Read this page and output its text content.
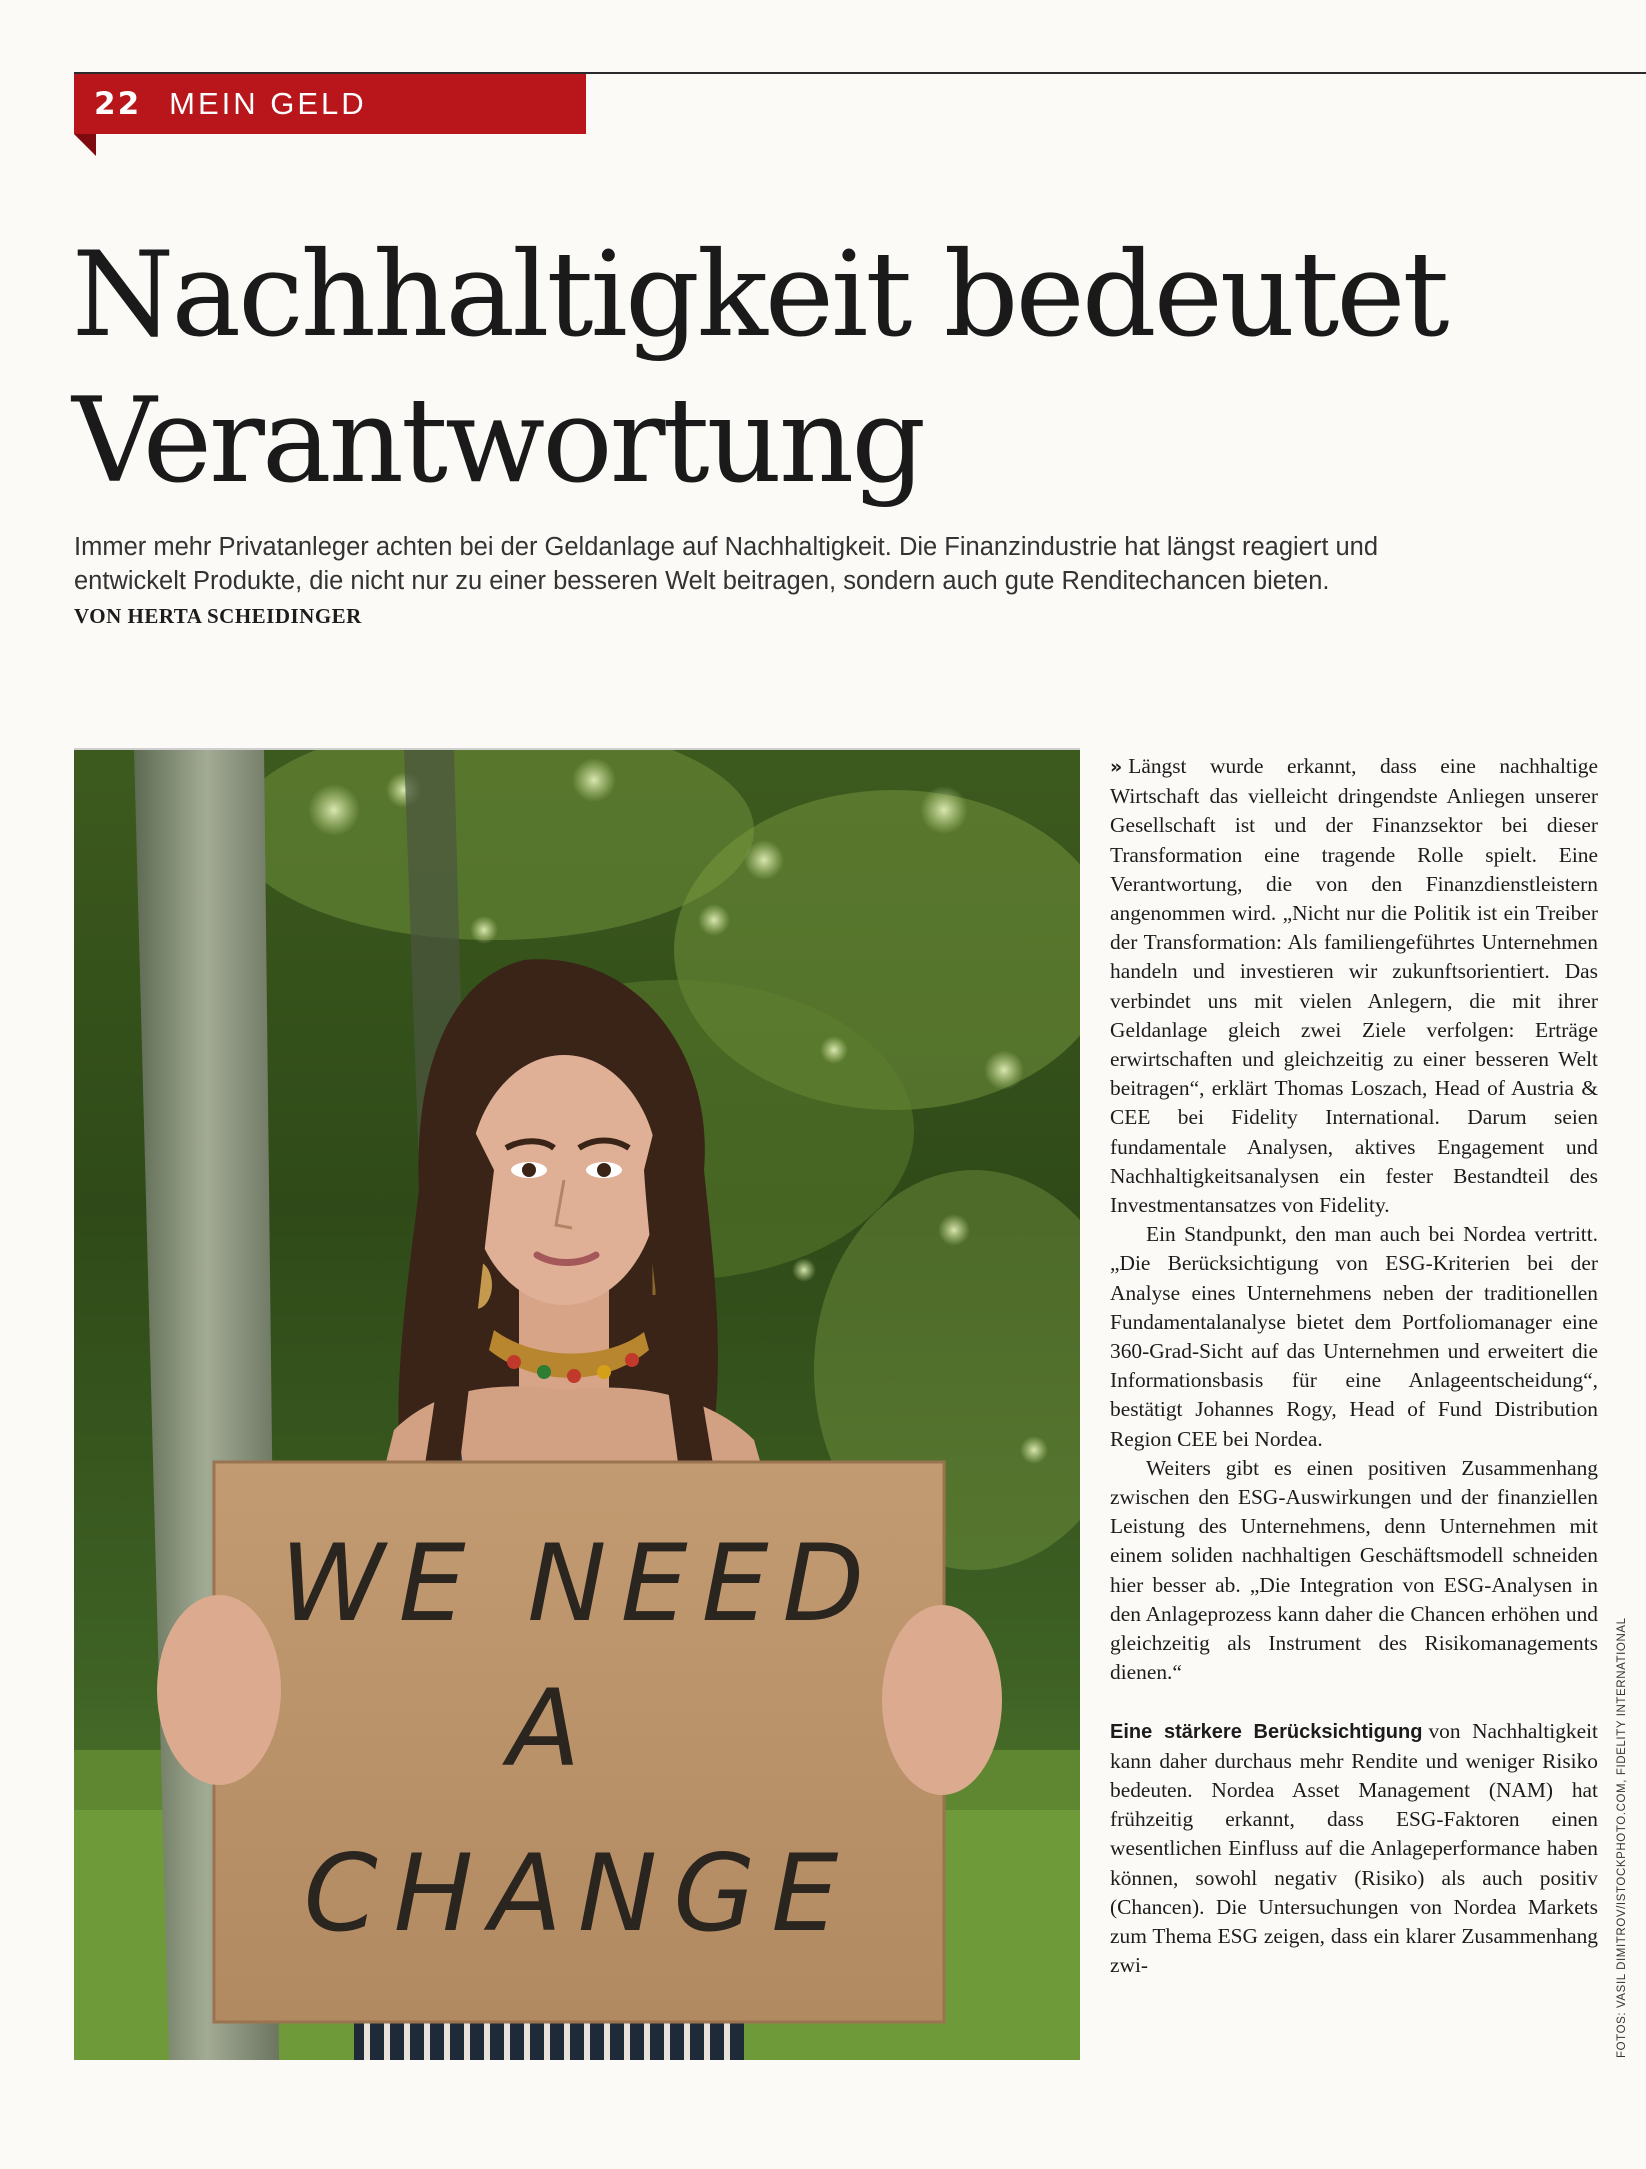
22 MEIN GELD
Nachhaltigkeit bedeutet Verantwortung

Immer mehr Privatanleger achten bei der Geldanlage auf Nachhaltigkeit. Die Finanzindustrie hat längst reagiert und entwickelt Produkte, die nicht nur zu einer besseren Welt beitragen, sondern auch gute Renditechancen bieten.

VON HERTA SCHEIDINGER
WE NEED
A
CHANGE

» Längst wurde erkannt, dass eine nachhaltige Wirtschaft das vielleicht dringendste Anliegen unserer Gesellschaft ist und der Finanzsektor bei dieser Transformation eine tragende Rolle spielt. Eine Verantwortung, die von den Finanzdienstleistern angenommen wird. „Nicht nur die Politik ist ein Treiber der Transformation: Als familiengeführtes Unternehmen handeln und investieren wir zukunftsorientiert. Das verbindet uns mit vielen Anlegern, die mit ihrer Geldanlage gleich zwei Ziele verfolgen: Erträge erwirtschaften und gleichzeitig zu einer besseren Welt beitragen“, erklärt Thomas Loszach, Head of Austria & CEE bei Fidelity International. Darum seien fundamentale Analysen, aktives Engagement und Nachhaltigkeitsanalysen ein fester Bestandteil des Investmentansatzes von Fidelity.

Ein Standpunkt, den man auch bei Nordea vertritt. „Die Berücksichtigung von ESG-Kriterien bei der Analyse eines Unternehmens neben der traditionellen Fundamentalanalyse bietet dem Portfoliomanager eine 360-Grad-Sicht auf das Unternehmen und erweitert die Informationsbasis für eine Anlageentscheidung“, bestätigt Johannes Rogy, Head of Fund Distribution Region CEE bei Nordea.

Weiters gibt es einen positiven Zusammenhang zwischen den ESG-Auswirkungen und der finanziellen Leistung des Unternehmens, denn Unternehmen mit einem soliden nachhaltigen Geschäftsmodell schneiden hier besser ab. „Die Integration von ESG-Analysen in den Anlageprozess kann daher die Chancen erhöhen und gleichzeitig als Instrument des Risikomanagements dienen.“

Eine stärkere Berücksichtigung von Nachhaltigkeit kann daher durchaus mehr Rendite und weniger Risiko bedeuten. Nordea Asset Management (NAM) hat frühzeitig erkannt, dass ESG-Faktoren einen wesentlichen Einfluss auf die Anlageperformance haben können, sowohl negativ (Risiko) als auch positiv (Chancen). Die Untersuchungen von Nordea Markets zum Thema ESG zeigen, dass ein klarer Zusammenhang zwi-	FOTOS: VASIL DIMITROV/ISTOCKPHOTO.COM, FIDELITY INTERNATIONAL
